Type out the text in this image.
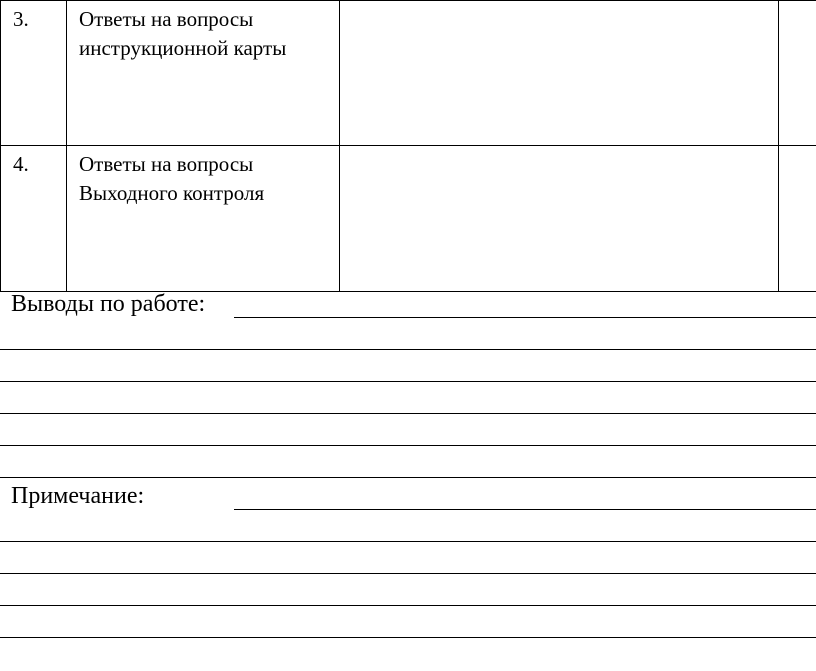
3.	Ответы на вопросы
инструкционной карты		

4.	Ответы на вопросы
Выходного контроля		

Выводы по работе:
Примечание:
